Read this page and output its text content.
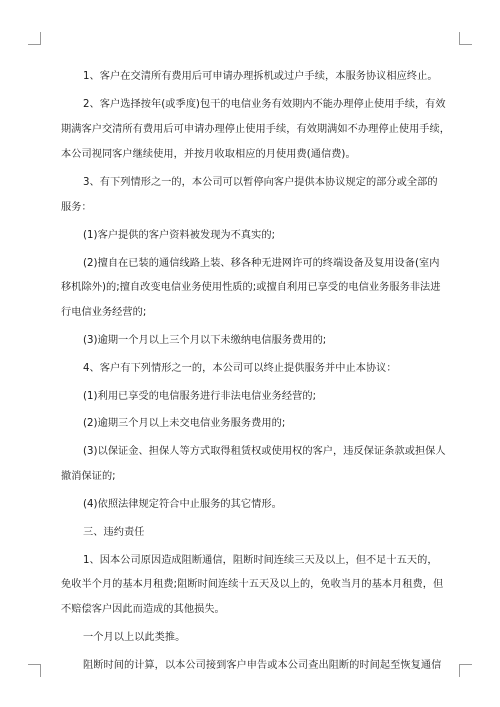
1、客户在交清所有费用后可申请办理拆机或过户手续，本服务协议相应终止。
2、客户选择按年(或季度)包干的电信业务有效期内不能办理停止使用手续，有效
期满客户交清所有费用后可申请办理停止使用手续，有效期满如不办理停止使用手续，
本公司视同客户继续使用，并按月收取相应的月使用费(通信费)。
3、有下列情形之一的，本公司可以暂停向客户提供本协议规定的部分或全部的
服务：
(1)客户提供的客户资料被发现为不真实的;
(2)擅自在已装的通信线路上装、移各种无进网许可的终端设备及复用设备(室内
移机除外)的;擅自改变电信业务使用性质的;或擅自利用已享受的电信业务服务非法进
行电信业务经营的;
(3)逾期一个月以上三个月以下未缴纳电信服务费用的;
4、客户有下列情形之一的，本公司可以终止提供服务并中止本协议：
(1)利用已享受的电信服务进行非法电信业务经营的;
(2)逾期三个月以上未交电信业务服务费用的;
(3)以保证金、担保人等方式取得租赁权或使用权的客户，违反保证条款或担保人
撤消保证的;
(4)依照法律规定符合中止服务的其它情形。
三、违约责任
1、因本公司原因造成阻断通信，阻断时间连续三天及以上，但不足十五天的，
免收半个月的基本月租费;阻断时间连续十五天及以上的，免收当月的基本月租费，但
不赔偿客户因此而造成的其他损失。
一个月以上以此类推。
阻断时间的计算，以本公司接到客户申告或本公司查出阻断的时间起至恢复通信
